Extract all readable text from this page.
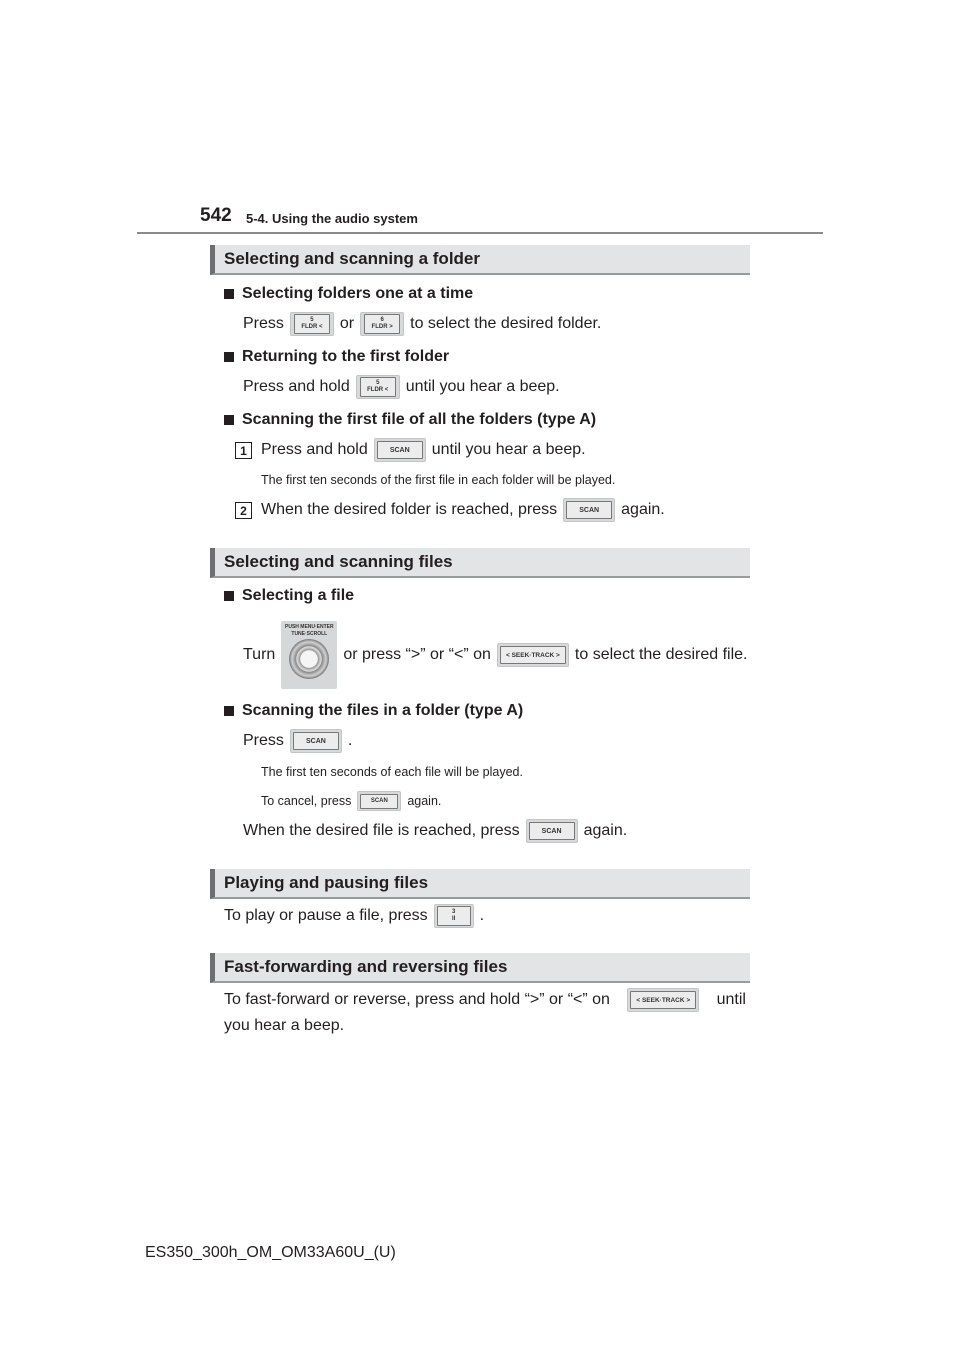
542 5-4. Using the audio system
Selecting and scanning a folder
Selecting folders one at a time
Press	5
FLDR < or	6
FLDR > to select the desired folder.
Returning to the first folder
Press and hold	5
FLDR < until you hear a beep.
Scanning the first file of all the folders (type A)
1 Press and hold	SCAN until you hear a beep.
The first ten seconds of the first file in each folder will be played.
2 When the desired folder is reached, press	SCAN again.
Selecting and scanning files
Selecting a file
Turn
PUSH MENU·ENTER
TUNE·SCROLL
or press “>” or “<” on < SEEK·TRACK > to select the desired file.
Scanning the files in a folder (type A)
Press	SCAN .
The first ten seconds of each file will be played.
To cancel, press	SCAN again.
When the desired file is reached, press	SCAN again.
Playing and pausing files
To play or pause a file, press	3
II .
Fast-forwarding and reversing files
To fast-forward or reverse, press and hold “>” or “<” on	< SEEK·TRACK > until
you hear a beep.
ES350_300h_OM_OM33A60U_(U)
